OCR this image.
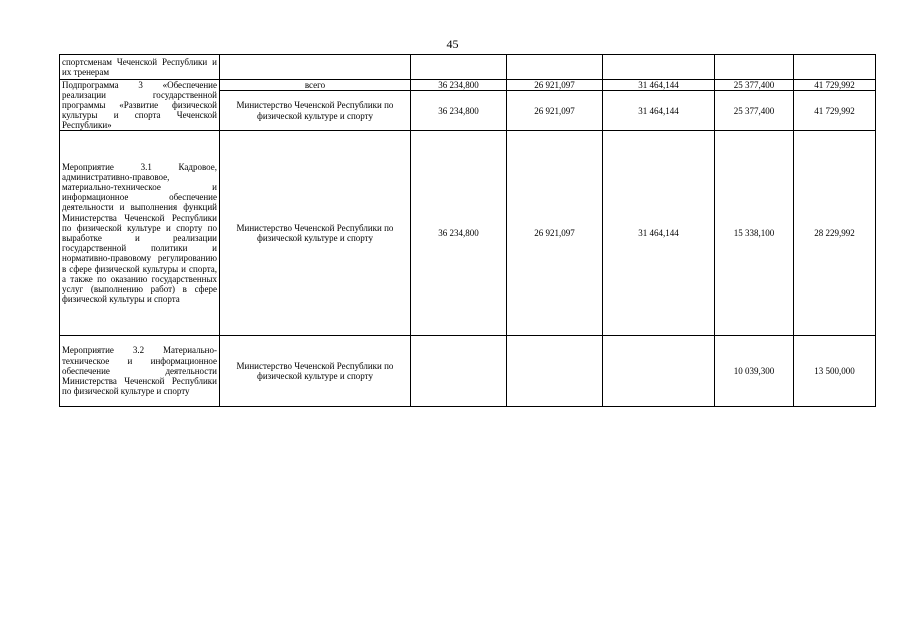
45
спортсменам Чеченской Республики и их тренерам						
Подпрограмма 3 «Обеспечение реализации государственной программы «Развитие физической культуры и спорта Чеченской Республики»	всего	36 234,800	26 921,097	31 464,144	25 377,400	41 729,992
	Министерство Чеченской Республики по физической культуре и спорту	36 234,800	26 921,097	31 464,144	25 377,400	41 729,992
Мероприятие 3.1 Кадровое, административно-правовое, материально-техническое и информационное обеспечение деятельности и выполнения функций Министерства Чеченской Республики по физической культуре и спорту по выработке и реализации государственной политики и нормативно-правовому регулированию в сфере физической культуры и спорта, а также по оказанию государственных услуг (выполнению работ) в сфере физической культуры и спорта	Министерство Чеченской Республики по физической культуре и спорту	36 234,800	26 921,097	31 464,144	15 338,100	28 229,992
Мероприятие 3.2 Материально-техническое и информационное обеспечение деятельности Министерства Чеченской Республики по физической культуре и спорту	Министерство Чеченской Республики по физической культуре и спорту				10 039,300	13 500,000
